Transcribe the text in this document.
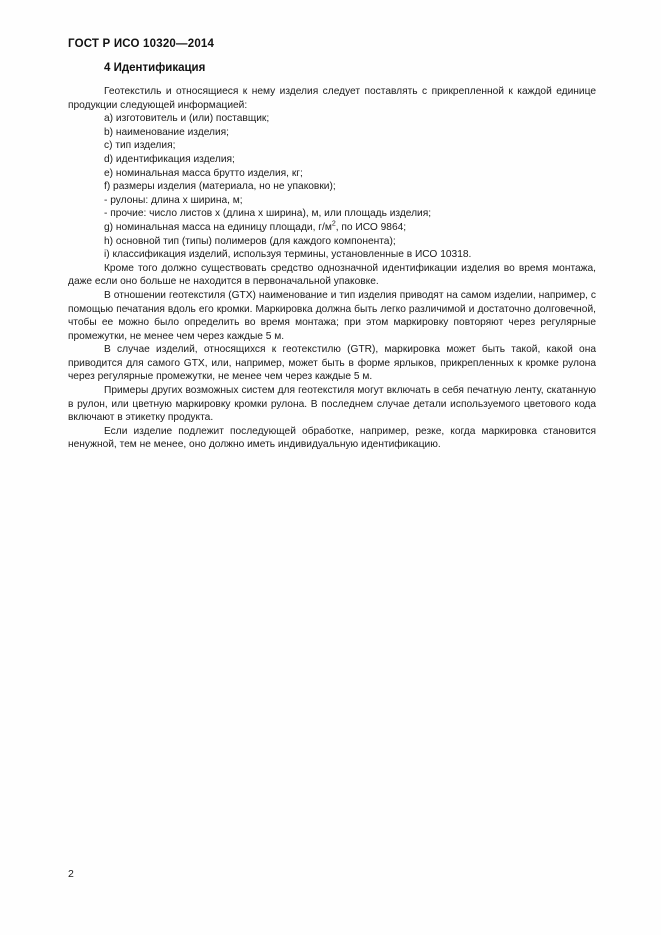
ГОСТ Р ИСО 10320—2014
4 Идентификация

Геотекстиль и относящиеся к нему изделия следует поставлять с прикрепленной к каждой единице продукции следующей информацией:

a) изготовитель и (или) поставщик;
b) наименование изделия;
c) тип изделия;
d) идентификация изделия;
e) номинальная масса брутто изделия, кг;
f) размеры изделия (материала, но не упаковки);
- рулоны: длина х ширина, м;
- прочие: число листов х (длина х ширина), м, или площадь изделия;
g) номинальная масса на единицу площади, $г/м^2$, по ИСО 9864;
h) основной тип (типы) полимеров (для каждого компонента);
i) классификация изделий, используя термины, установленные в ИСО 10318.

Кроме того должно существовать средство однозначной идентификации изделия во время монтажа, даже если оно больше не находится в первоначальной упаковке.

В отношении геотекстиля (GTX) наименование и тип изделия приводят на самом изделии, например, с помощью печатания вдоль его кромки. Маркировка должна быть легко различимой и достаточно долговечной, чтобы ее можно было определить во время монтажа; при этом маркировку повторяют через регулярные промежутки, не менее чем через каждые 5 м.

В случае изделий, относящихся к геотекстилю (GTR), маркировка может быть такой, какой она приводится для самого GTX, или, например, может быть в форме ярлыков, прикрепленных к кромке рулона через регулярные промежутки, не менее чем через каждые 5 м.

Примеры других возможных систем для геотекстиля могут включать в себя печатную ленту, скатанную в рулон, или цветную маркировку кромки рулона. В последнем случае детали используемого цветового кода включают в этикетку продукта.

Если изделие подлежит последующей обработке, например, резке, когда маркировка становится ненужной, тем не менее, оно должно иметь индивидуальную идентификацию.

2
